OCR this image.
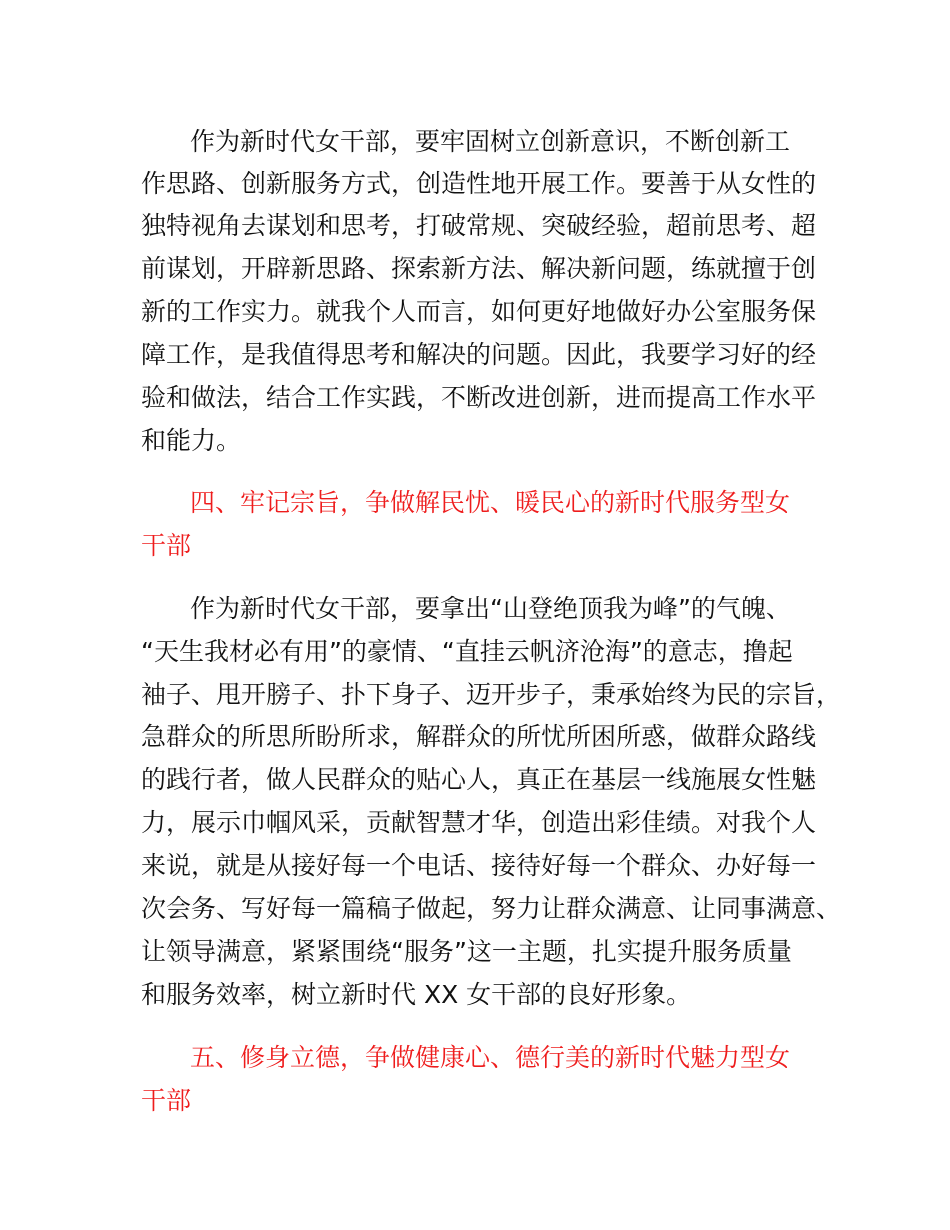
作为新时代女干部，要牢固树立创新意识，不断创新工

作思路、创新服务方式，创造性地开展工作。要善于从女性的

独特视角去谋划和思考，打破常规、突破经验，超前思考、超

前谋划，开辟新思路、探索新方法、解决新问题，练就擅于创

新的工作实力。就我个人而言，如何更好地做好办公室服务保

障工作，是我值得思考和解决的问题。因此，我要学习好的经

验和做法，结合工作实践，不断改进创新，进而提高工作水平

和能力。

四、牢记宗旨，争做解民忧、暖民心的新时代服务型女

干部

作为新时代女干部，要拿出“山登绝顶我为峰”的气魄、

“天生我材必有用”的豪情、“直挂云帆济沧海”的意志，撸起

袖子、甩开膀子、扑下身子、迈开步子，秉承始终为民的宗旨，

急群众的所思所盼所求，解群众的所忧所困所惑，做群众路线

的践行者，做人民群众的贴心人，真正在基层一线施展女性魅

力，展示巾帼风采，贡献智慧才华，创造出彩佳绩。对我个人

来说，就是从接好每一个电话、接待好每一个群众、办好每一

次会务、写好每一篇稿子做起，努力让群众满意、让同事满意、

让领导满意，紧紧围绕“服务”这一主题，扎实提升服务质量

和服务效率，树立新时代 XX 女干部的良好形象。

五、修身立德，争做健康心、德行美的新时代魅力型女

干部
